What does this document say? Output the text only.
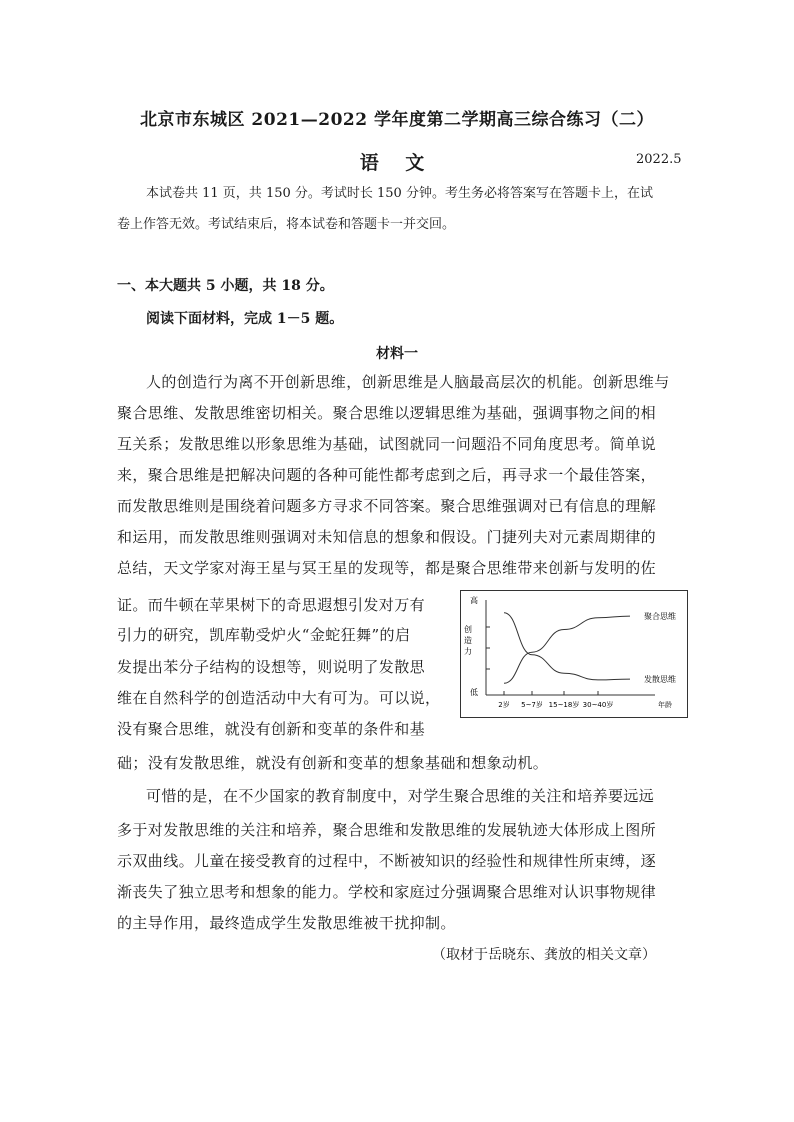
北京市东城区 2021—2022 学年度第二学期高三综合练习（二）
语 文	2022.5
本试卷共 11 页，共 150 分。考试时长 150 分钟。考生务必将答案写在答题卡上，在试
卷上作答无效。考试结束后，将本试卷和答题卡一并交回。
一、本大题共 5 小题，共 18 分。
阅读下面材料，完成 1－5 题。
材料一
人的创造行为离不开创新思维，创新思维是人脑最高层次的机能。创新思维与
聚合思维、发散思维密切相关。聚合思维以逻辑思维为基础，强调事物之间的相
互关系；发散思维以形象思维为基础，试图就同一问题沿不同角度思考。简单说
来，聚合思维是把解决问题的各种可能性都考虑到之后，再寻求一个最佳答案，
而发散思维则是围绕着问题多方寻求不同答案。聚合思维强调对已有信息的理解
和运用，而发散思维则强调对未知信息的想象和假设。门捷列夫对元素周期律的
总结，天文学家对海王星与冥王星的发现等，都是聚合思维带来创新与发明的佐
证。而牛顿在苹果树下的奇思遐想引发对万有
引力的研究，凯库勒受炉火“金蛇狂舞”的启
发提出苯分子结构的设想等，则说明了发散思
维在自然科学的创造活动中大有可为。可以说，
没有聚合思维，就没有创新和变革的条件和基
础；没有发散思维，就没有创新和变革的想象基础和想象动机。
可惜的是，在不少国家的教育制度中，对学生聚合思维的关注和培养要远远
多于对发散思维的关注和培养，聚合思维和发散思维的发展轨迹大体形成上图所
示双曲线。儿童在接受教育的过程中，不断被知识的经验性和规律性所束缚，逐
渐丧失了独立思考和想象的能力。学校和家庭过分强调聚合思维对认识事物规律
的主导作用，最终造成学生发散思维被干扰抑制。
（取材于岳晓东、龚放的相关文章）
高
低
创造力
2岁 5~7岁 15~18岁 30~40岁	年龄
聚合思维
发散思维
